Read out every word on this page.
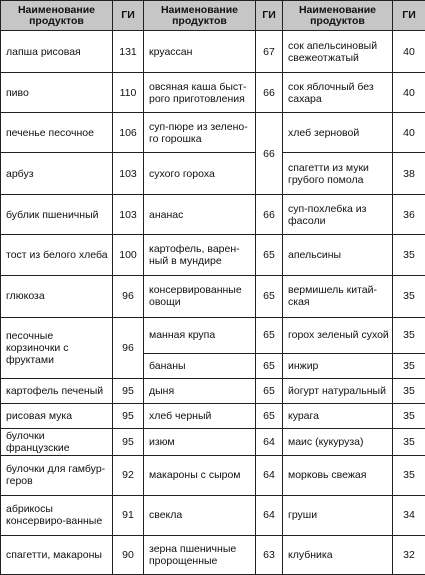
Наименование продуктов	ГИ	Наименование продуктов	ГИ	Наименование продуктов	ГИ
лапша рисовая	131	круассан	67	сок апельсиновый свежеотжатый	40
пиво	110	овсяная каша быст-рого приготовления	66	сок яблочный без сахара	40
печенье песочное	106	суп-пюре из зелено-го горошка	66	хлеб зерновой	40
арбуз	103	сухого гороха		спагетти из муки грубого помола	38
бублик пшеничный	103	ананас	66	суп-похлебка из фасоли	36
тост из белого хлеба	100	картофель, варен-ный в мундире	65	апельсины	35
глюкоза	96	консервированные овощи	65	вермишель китай-ская	35
песочные корзиночки с фруктами	96	манная крупа	65	горох зеленый сухой	35
		бананы	65	инжир	35
картофель печеный	95	дыня	65	йогурт натуральный	35
рисовая мука	95	хлеб черный	65	курага	35
булочки французские	95	изюм	64	маис (кукуруза)	35
булочки для гамбур-геров	92	макароны с сыром	64	морковь свежая	35
абрикосы консервиро-ванные	91	свекла	64	груши	34
спагетти, макароны	90	зерна пшеничные пророщенные	63	клубника	32
